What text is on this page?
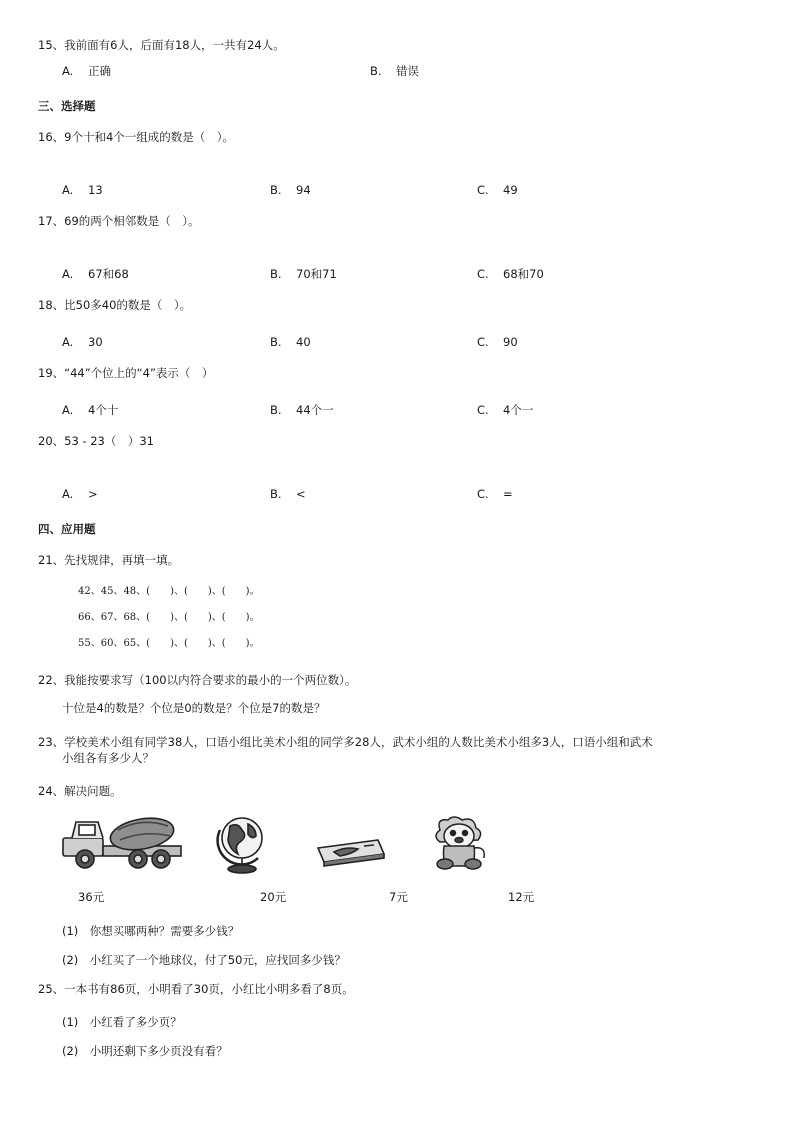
15、我前面有6人，后面有18人，一共有24人。
A. 正确	B. 错误
三、选择题
16、9个十和4个一组成的数是（　）。
A. 13	B. 94	C. 49
17、69的两个相邻数是（　）。
A. 67和68	B. 70和71	C. 68和70
18、比50多40的数是（　）。
A. 30	B. 40	C. 90
19、“44”个位上的“4”表示（　）
A. 4个十	B. 44个一	C. 4个一
20、53 - 23（　）31
A. >	B. <	C. =
四、应用题
21、先找规律，再填一填。
42、45、48、(　　)、(　　)、(　　)。
66、67、68、(　　)、(　　)、(　　)。
55、60、65、(　　)、(　　)、(　　)。
22、我能按要求写（100以内符合要求的最小的一个两位数）。
十位是4的数是？个位是0的数是？个位是7的数是？
23、学校美术小组有同学38人，口语小组比美术小组的同学多28人，武术小组的人数比美术小组多3人，口语小组和武术
小组各有多少人？
24、解决问题。
36元	20元	7元	12元
(1)　你想买哪两种？需要多少钱？
(2)　小红买了一个地球仪，付了50元，应找回多少钱？
25、一本书有86页，小明看了30页，小红比小明多看了8页。
(1)　小红看了多少页？
(2)　小明还剩下多少页没有看？
